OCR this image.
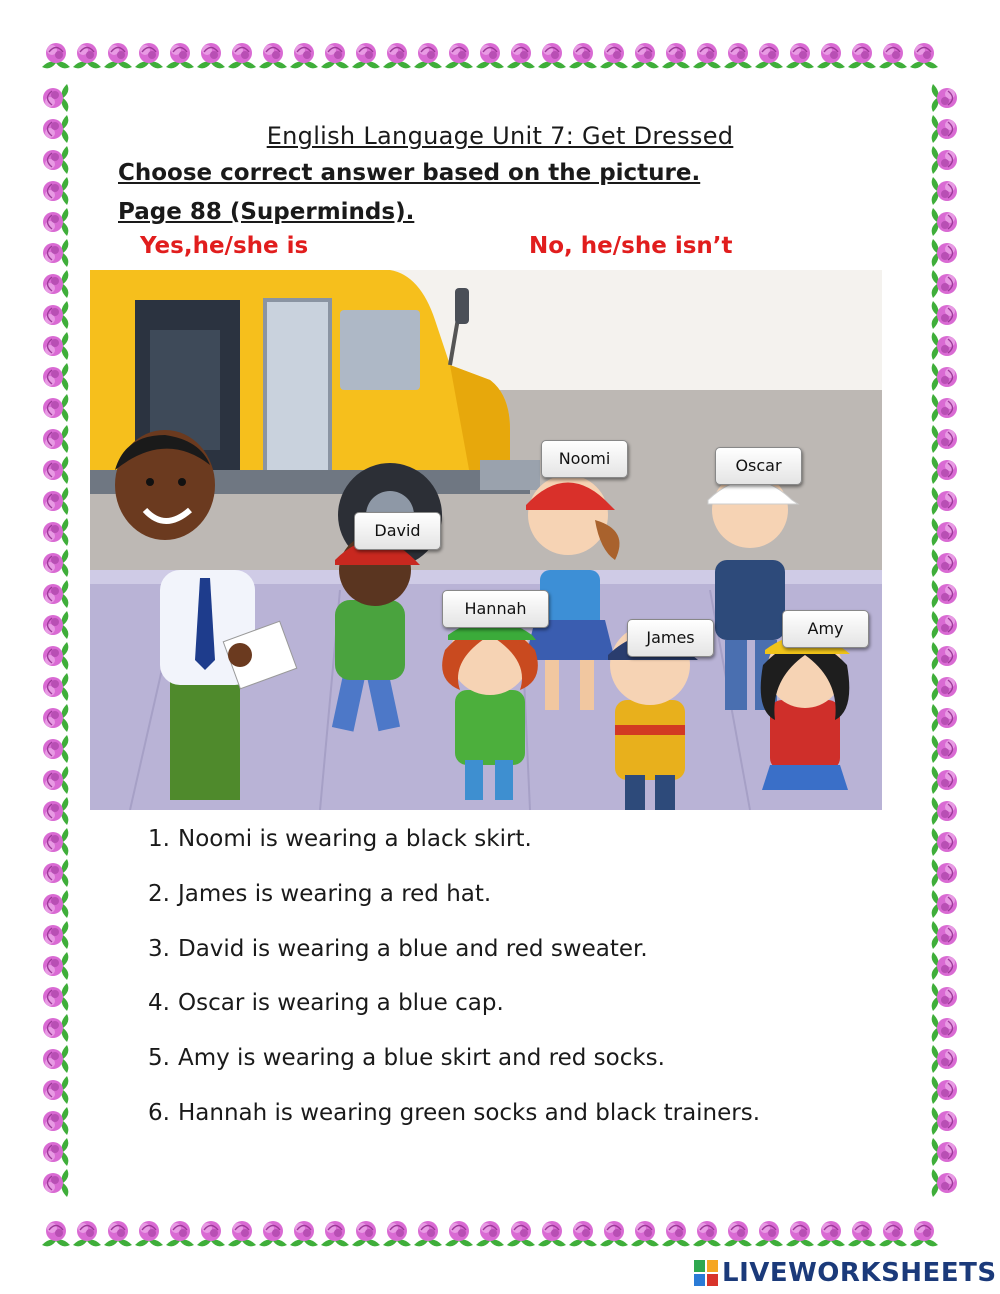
English Language Unit 7: Get Dressed
Choose correct answer based on the picture.
Page 88 (Superminds).
Yes,he/she is	No, he/she isn’t
Noomi	Oscar
David
Hannah
James	Amy
1. Noomi is wearing a black skirt.
2. James is wearing a red hat.
3. David is wearing a blue and red sweater.
4. Oscar is wearing a blue cap.
5. Amy is wearing a blue skirt and red socks.
6. Hannah is wearing green socks and black trainers.
LIVEWORKSHEETS
